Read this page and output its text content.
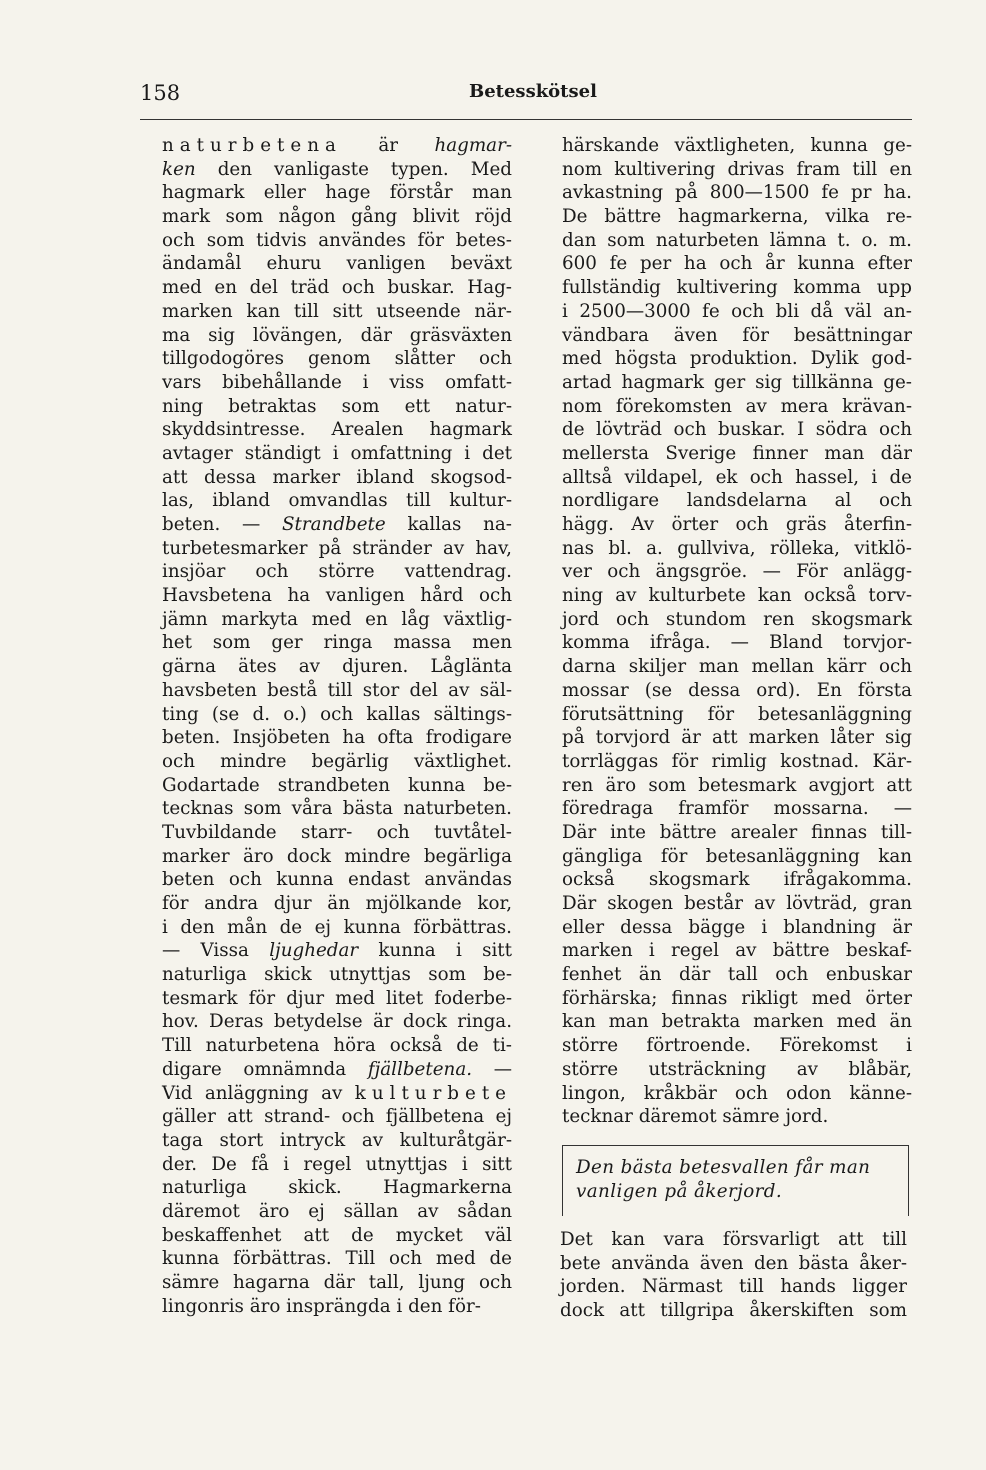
158	Betesskötsel
naturbetena är hagmar-
ken den vanligaste typen. Med
hagmark eller hage förstår man
mark som någon gång blivit röjd
och som tidvis användes för betes-
ändamål ehuru vanligen beväxt
med en del träd och buskar. Hag-
marken kan till sitt utseende när-
ma sig lövängen, där gräsväxten
tillgodogöres genom slåtter och
vars bibehållande i viss omfatt-
ning betraktas som ett natur-
skyddsintresse. Arealen hagmark
avtager ständigt i omfattning i det
att dessa marker ibland skogsod-
las, ibland omvandlas till kultur-
beten. — Strandbete kallas na-
turbetesmarker på stränder av hav,
insjöar och större vattendrag.
Havsbetena ha vanligen hård och
jämn markyta med en låg växtlig-
het som ger ringa massa men
gärna ätes av djuren. Låglänta
havsbeten bestå till stor del av säl-
ting (se d. o.) och kallas sältings-
beten. Insjöbeten ha ofta frodigare
och mindre begärlig växtlighet.
Godartade strandbeten kunna be-
tecknas som våra bästa naturbeten.
Tuvbildande starr- och tuvtåtel-
marker äro dock mindre begärliga
beten och kunna endast användas
för andra djur än mjölkande kor,
i den mån de ej kunna förbättras.
— Vissa ljughedar kunna i sitt
naturliga skick utnyttjas som be-
tesmark för djur med litet foderbe-
hov. Deras betydelse är dock ringa.
Till naturbetena höra också de ti-
digare omnämnda fjällbetena. —
Vid anläggning av kulturbete
gäller att strand- och fjällbetena ej
taga stort intryck av kulturåtgär-
der. De få i regel utnyttjas i sitt
naturliga skick. Hagmarkerna
däremot äro ej sällan av sådan
beskaffenhet att de mycket väl
kunna förbättras. Till och med de
sämre hagarna där tall, ljung och
lingonris äro insprängda i den för-
härskande växtligheten, kunna ge-
nom kultivering drivas fram till en
avkastning på 800—1500 fe pr ha.
De bättre hagmarkerna, vilka re-
dan som naturbeten lämna t. o. m.
600 fe per ha och år kunna efter
fullständig kultivering komma upp
i 2500—3000 fe och bli då väl an-
vändbara även för besättningar
med högsta produktion. Dylik god-
artad hagmark ger sig tillkänna ge-
nom förekomsten av mera krävan-
de lövträd och buskar. I södra och
mellersta Sverige finner man där
alltså vildapel, ek och hassel, i de
nordligare landsdelarna al och
hägg. Av örter och gräs återfin-
nas bl. a. gullviva, rölleka, vitklö-
ver och ängsgröe. — För anlägg-
ning av kulturbete kan också torv-
jord och stundom ren skogsmark
komma ifråga. — Bland torvjor-
darna skiljer man mellan kärr och
mossar (se dessa ord). En första
förutsättning för betesanläggning
på torvjord är att marken låter sig
torrläggas för rimlig kostnad. Kär-
ren äro som betesmark avgjort att
föredraga framför mossarna. —
Där inte bättre arealer finnas till-
gängliga för betesanläggning kan
också skogsmark ifrågakomma.
Där skogen består av lövträd, gran
eller dessa bägge i blandning är
marken i regel av bättre beskaf-
fenhet än där tall och enbuskar
förhärska; finnas rikligt med örter
kan man betrakta marken med än
större förtroende. Förekomst i
större utsträckning av blåbär,
lingon, kråkbär och odon känne-
tecknar däremot sämre jord.
Den bästa betesvallen får man
vanligen på åkerjord.
Det kan vara försvarligt att till
bete använda även den bästa åker-
jorden. Närmast till hands ligger
dock att tillgripa åkerskiften som
